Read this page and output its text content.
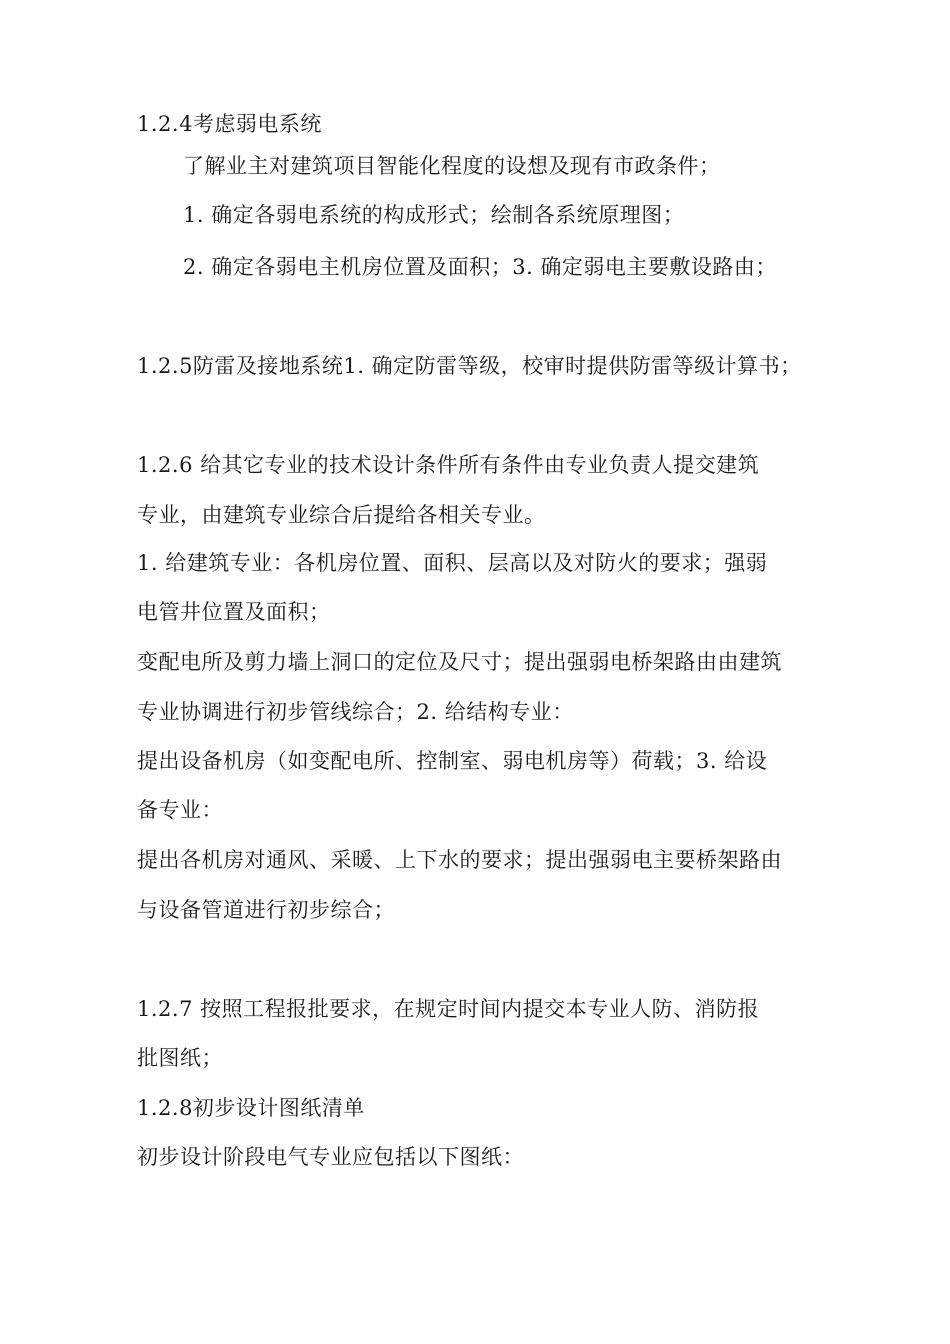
1.2.4考虑弱电系统
了解业主对建筑项目智能化程度的设想及现有市政条件；
1. 确定各弱电系统的构成形式；绘制各系统原理图；
2. 确定各弱电主机房位置及面积；3. 确定弱电主要敷设路由；
1.2.5防雷及接地系统1. 确定防雷等级，校审时提供防雷等级计算书；
1.2.6 给其它专业的技术设计条件所有条件由专业负责人提交建筑
专业，由建筑专业综合后提给各相关专业。
1. 给建筑专业：各机房位置、面积、层高以及对防火的要求；强弱
电管井位置及面积；
变配电所及剪力墙上洞口的定位及尺寸；提出强弱电桥架路由由建筑
专业协调进行初步管线综合；2. 给结构专业：
提出设备机房（如变配电所、控制室、弱电机房等）荷载；3. 给设
备专业：
提出各机房对通风、采暖、上下水的要求；提出强弱电主要桥架路由
与设备管道进行初步综合；
1.2.7 按照工程报批要求，在规定时间内提交本专业人防、消防报
批图纸；
1.2.8初步设计图纸清单
初步设计阶段电气专业应包括以下图纸：
